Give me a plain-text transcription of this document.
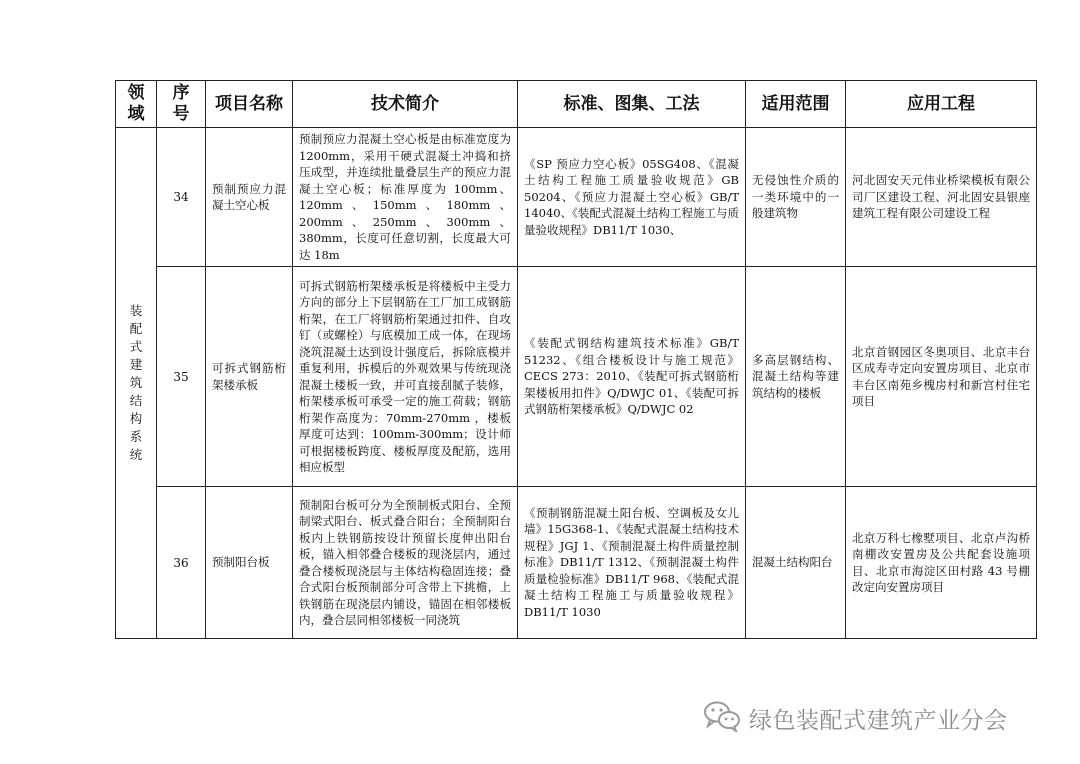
领域	序号	项目名称	技术简介	标准、图集、工法	适用范围	应用工程

装配式建筑结构系统	34	预制预应力混凝土空心板	预制预应力混凝土空心板是由标准宽度为 1200mm，采用干硬式混凝土冲捣和挤压成型，并连续批量叠层生产的预应力混凝土空心板；标准厚度为 100mm、120mm、150mm、180mm、200mm、250mm、300mm、380mm，长度可任意切割，长度最大可达 18m	《SP 预应力空心板》05SG408、《混凝土结构工程施工质量验收规范》GB 50204、《预应力混凝土空心板》GB/T 14040、《装配式混凝土结构工程施工与质量验收规程》DB11/T 1030、	无侵蚀性介质的一类环境中的一般建筑物	河北固安天元伟业桥梁模板有限公司厂区建设工程、河北固安县银座建筑工程有限公司建设工程

	35	可拆式钢筋桁架楼承板	可拆式钢筋桁架楼承板是将楼板中主受力方向的部分上下层钢筋在工厂加工成钢筋桁架，在工厂将钢筋桁架通过扣件、自攻钉（或螺栓）与底模加工成一体，在现场浇筑混凝土达到设计强度后，拆除底模并重复利用，拆模后的外观效果与传统现浇混凝土楼板一致，并可直接刮腻子装修，桁架楼承板可承受一定的施工荷载；钢筋桁架作高度为：70mm-270mm ，楼板厚度可达到：100mm-300mm；设计师可根据楼板跨度、楼板厚度及配筋，选用相应板型	《装配式钢结构建筑技术标准》GB/T 51232、《组合楼板设计与施工规范》CECS 273：2010、《装配可拆式钢筋桁架楼板用扣件》Q/DWJC 01、《装配可拆式钢筋桁架楼承板》Q/DWJC 02	多高层钢结构、混凝土结构等建筑结构的楼板	北京首钢园区冬奥项目、北京丰台区成寿寺定向安置房项目、北京市丰台区南苑乡槐房村和新宫村住宅项目

	36	预制阳台板	预制阳台板可分为全预制板式阳台、全预制梁式阳台、板式叠合阳台；全预制阳台板内上铁钢筋按设计预留长度伸出阳台板，锚入相邻叠合楼板的现浇层内，通过叠合楼板现浇层与主体结构稳固连接；叠合式阳台板预制部分可含带上下挑檐，上铁钢筋在现浇层内铺设，锚固在相邻楼板内，叠合层同相邻楼板一同浇筑	《预制钢筋混凝土阳台板、空调板及女儿墙》15G368-1、《装配式混凝土结构技术规程》JGJ 1、《预制混凝土构件质量控制标准》DB11/T 1312、《预制混凝土构件质量检验标准》DB11/T 968、《装配式混凝土结构工程施工与质量验收规程》DB11/T 1030	混凝土结构阳台	北京万科七橡墅项目、北京卢沟桥南棚改安置房及公共配套设施项目、北京市海淀区田村路 43 号棚改定向安置房项目
绿色装配式建筑产业分会
